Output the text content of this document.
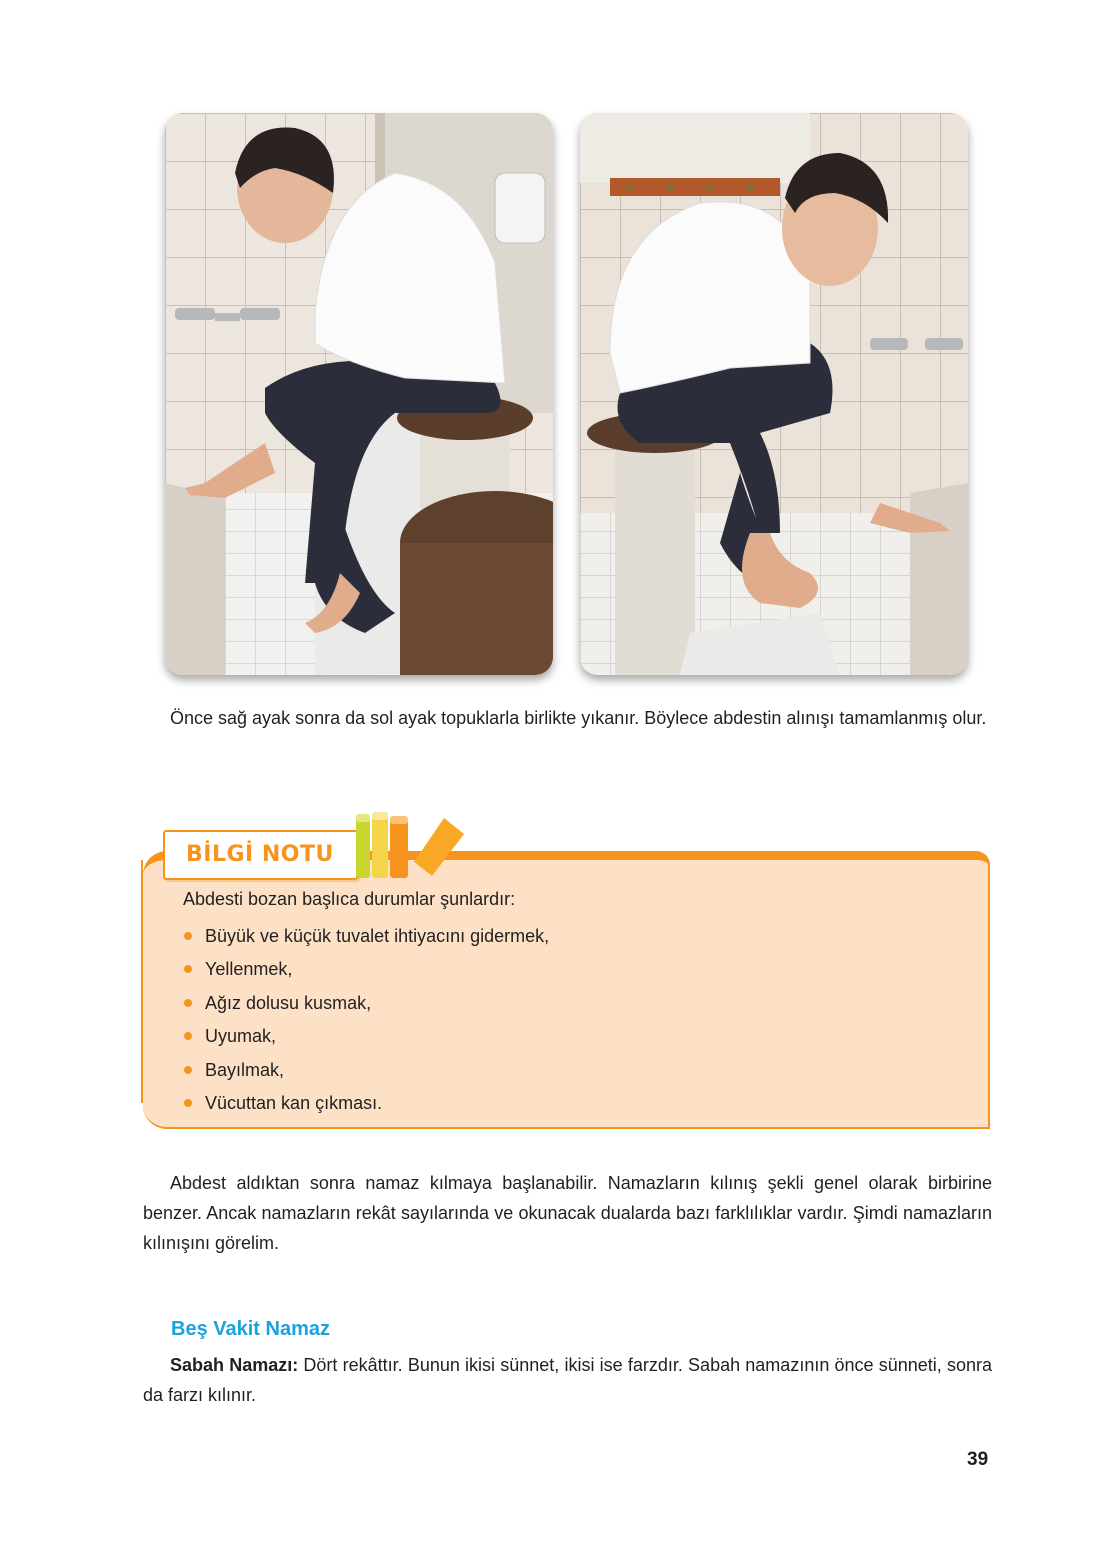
Önce sağ ayak sonra da sol ayak topuklarla birlikte yıkanır. Böylece abdestin alınışı tamamlanmış olur.

BİLGİ NOTU

Abdesti bozan başlıca durumlar şunlardır:

Büyük ve küçük tuvalet ihtiyacını gidermek,
Yellenmek,
Ağız dolusu kusmak,
Uyumak,
Bayılmak,
Vücuttan kan çıkması.

Abdest aldıktan sonra namaz kılmaya başlanabilir. Namazların kılınış şekli genel olarak birbirine benzer. Ancak namazların rekât sayılarında ve okunacak dualarda bazı farklılıklar vardır. Şimdi namazların kılınışını görelim.

Beş Vakit Namaz

Sabah Namazı: Dört rekâttır. Bunun ikisi sünnet, ikisi ise farzdır. Sabah namazının önce sünneti, sonra da farzı kılınır.

39
